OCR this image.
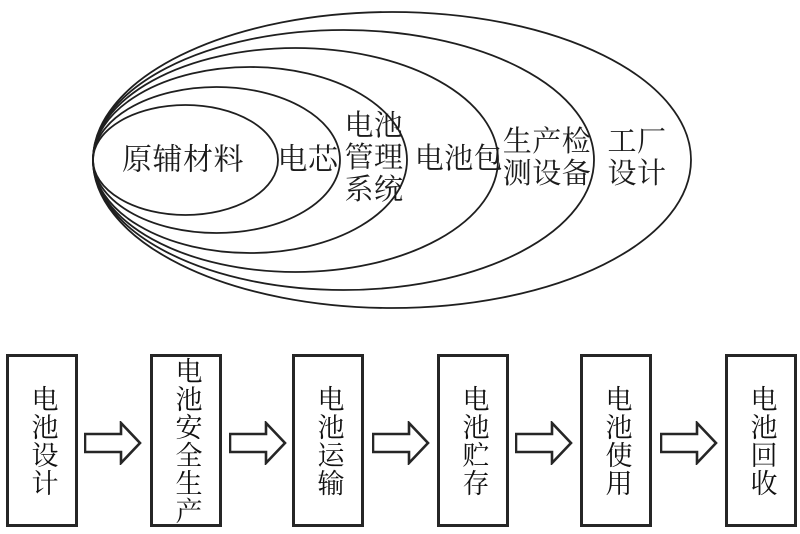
原辅材料 电芯
电池管理系统
电池包 生产检测设备
工厂设计
电池设计	电池安全生产	电池运输	电池贮存	电池使用	电池回收
